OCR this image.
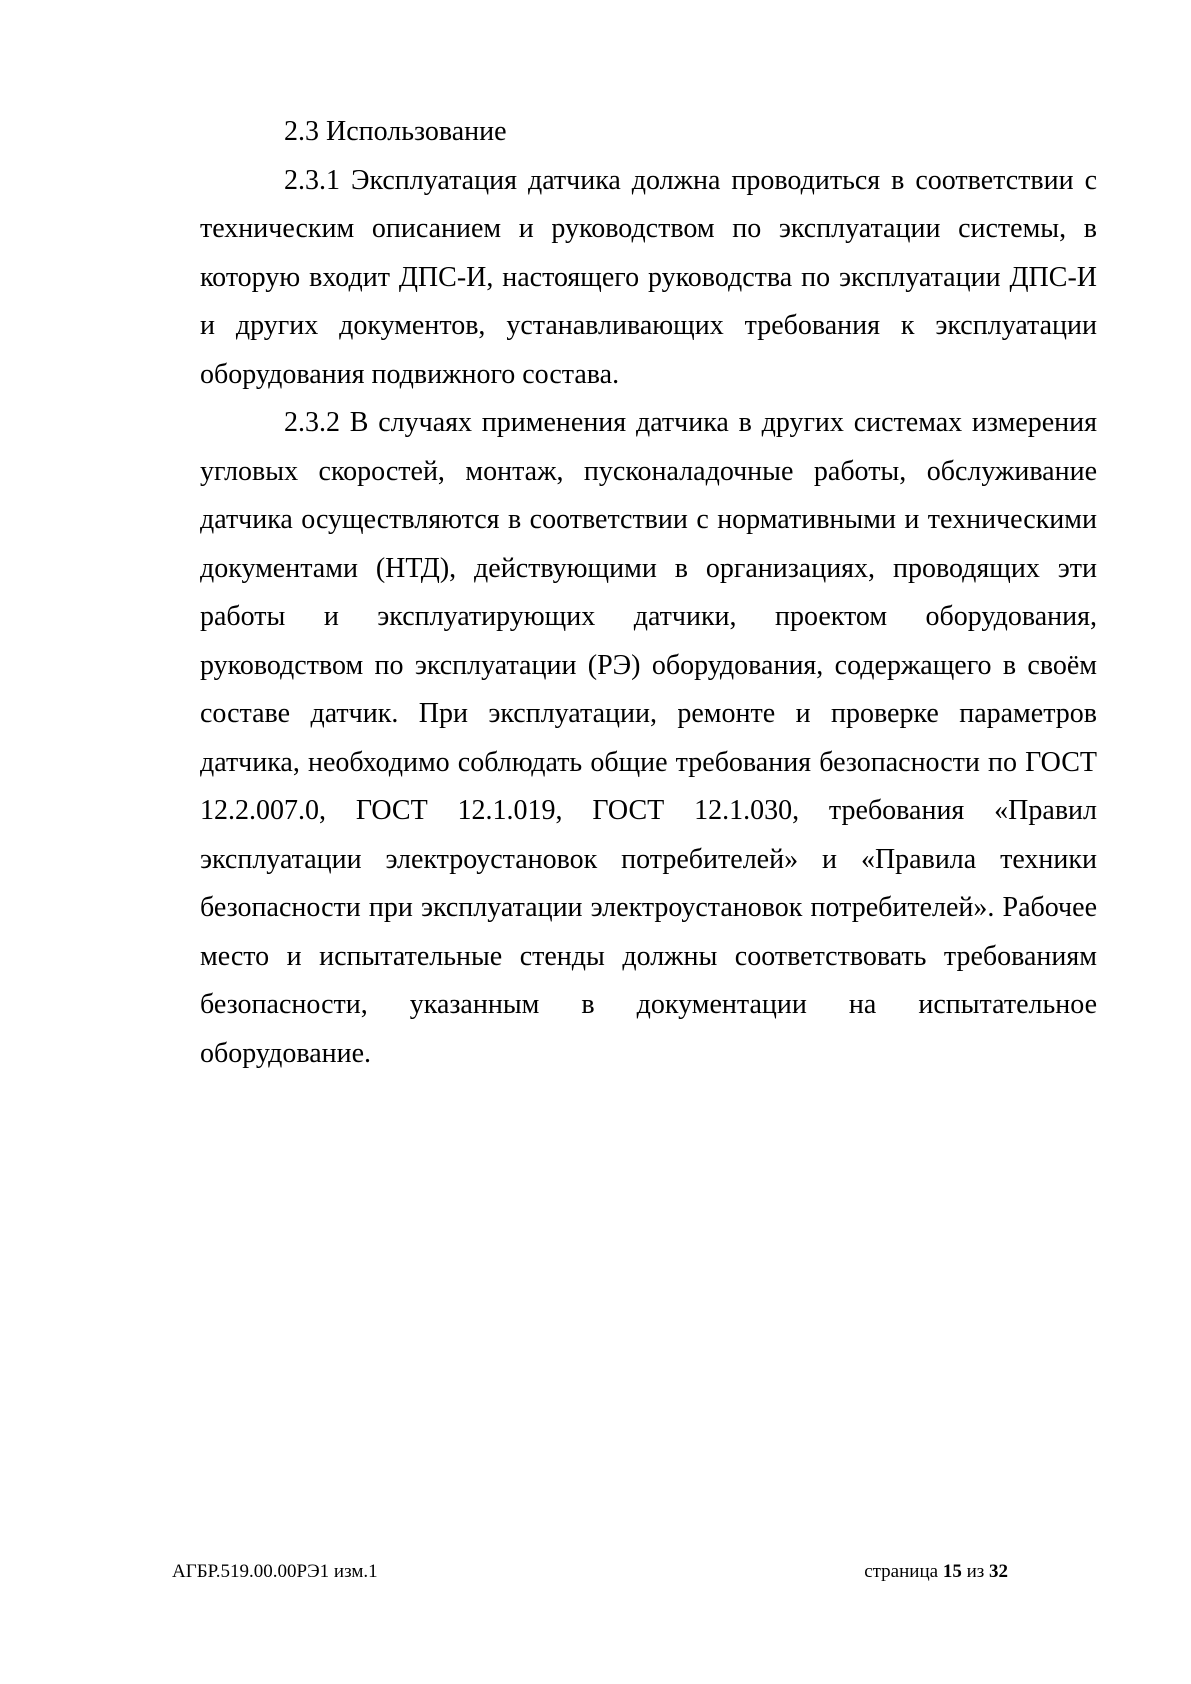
2.3 Использование

2.3.1 Эксплуатация датчика должна проводиться в соответствии с техническим описанием и руководством по эксплуатации системы, в которую входит ДПС-И, настоящего руководства по эксплуатации ДПС-И и других документов, устанавливающих требования к эксплуатации оборудования подвижного состава.

2.3.2 В случаях применения датчика в других системах измерения угловых скоростей, монтаж, пусконаладочные работы, обслуживание датчика осуществляются в соответствии с нормативными и техническими документами (НТД), действующими в организациях, проводящих эти работы и эксплуатирующих датчики, проектом оборудования, руководством по эксплуатации (РЭ) оборудования, содержащего в своём составе датчик. При эксплуатации, ремонте и проверке параметров датчика, необходимо соблюдать общие требования безопасности по ГОСТ 12.2.007.0, ГОСТ 12.1.019, ГОСТ 12.1.030, требования «Правил эксплуатации электроустановок потребителей» и «Правила техники безопасности при эксплуатации электроустановок потребителей». Рабочее место и испытательные стенды должны соответствовать требованиям безопасности, указанным в документации на испытательное оборудование.

АГБР.519.00.00РЭ1 изм.1	страница 15 из 32
